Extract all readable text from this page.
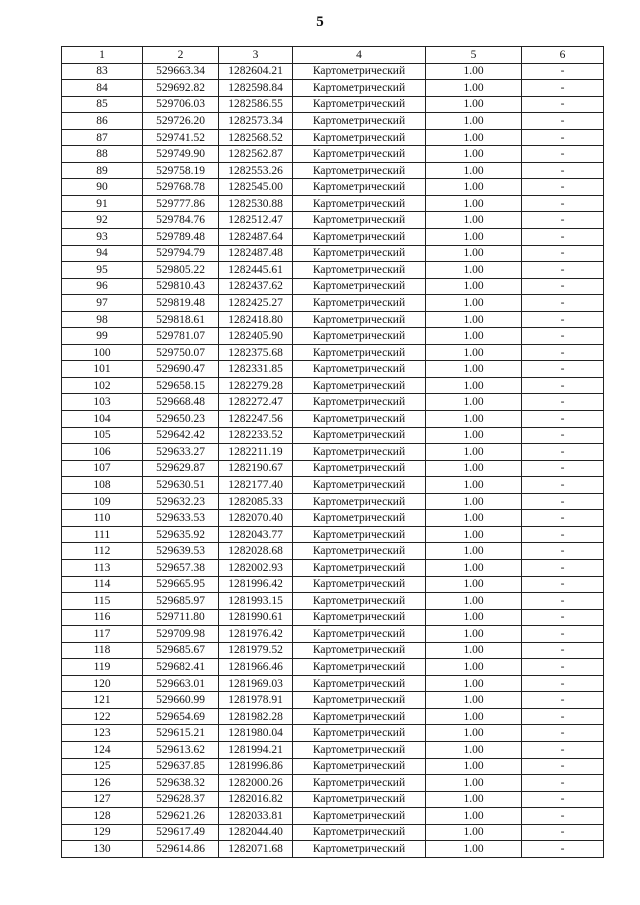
5
1	2	3	4	5	6
83	529663.34	1282604.21	Картометрический	1.00	-
84	529692.82	1282598.84	Картометрический	1.00	-
85	529706.03	1282586.55	Картометрический	1.00	-
86	529726.20	1282573.34	Картометрический	1.00	-
87	529741.52	1282568.52	Картометрический	1.00	-
88	529749.90	1282562.87	Картометрический	1.00	-
89	529758.19	1282553.26	Картометрический	1.00	-
90	529768.78	1282545.00	Картометрический	1.00	-
91	529777.86	1282530.88	Картометрический	1.00	-
92	529784.76	1282512.47	Картометрический	1.00	-
93	529789.48	1282487.64	Картометрический	1.00	-
94	529794.79	1282487.48	Картометрический	1.00	-
95	529805.22	1282445.61	Картометрический	1.00	-
96	529810.43	1282437.62	Картометрический	1.00	-
97	529819.48	1282425.27	Картометрический	1.00	-
98	529818.61	1282418.80	Картометрический	1.00	-
99	529781.07	1282405.90	Картометрический	1.00	-
100	529750.07	1282375.68	Картометрический	1.00	-
101	529690.47	1282331.85	Картометрический	1.00	-
102	529658.15	1282279.28	Картометрический	1.00	-
103	529668.48	1282272.47	Картометрический	1.00	-
104	529650.23	1282247.56	Картометрический	1.00	-
105	529642.42	1282233.52	Картометрический	1.00	-
106	529633.27	1282211.19	Картометрический	1.00	-
107	529629.87	1282190.67	Картометрический	1.00	-
108	529630.51	1282177.40	Картометрический	1.00	-
109	529632.23	1282085.33	Картометрический	1.00	-
110	529633.53	1282070.40	Картометрический	1.00	-
111	529635.92	1282043.77	Картометрический	1.00	-
112	529639.53	1282028.68	Картометрический	1.00	-
113	529657.38	1282002.93	Картометрический	1.00	-
114	529665.95	1281996.42	Картометрический	1.00	-
115	529685.97	1281993.15	Картометрический	1.00	-
116	529711.80	1281990.61	Картометрический	1.00	-
117	529709.98	1281976.42	Картометрический	1.00	-
118	529685.67	1281979.52	Картометрический	1.00	-
119	529682.41	1281966.46	Картометрический	1.00	-
120	529663.01	1281969.03	Картометрический	1.00	-
121	529660.99	1281978.91	Картометрический	1.00	-
122	529654.69	1281982.28	Картометрический	1.00	-
123	529615.21	1281980.04	Картометрический	1.00	-
124	529613.62	1281994.21	Картометрический	1.00	-
125	529637.85	1281996.86	Картометрический	1.00	-
126	529638.32	1282000.26	Картометрический	1.00	-
127	529628.37	1282016.82	Картометрический	1.00	-
128	529621.26	1282033.81	Картометрический	1.00	-
129	529617.49	1282044.40	Картометрический	1.00	-
130	529614.86	1282071.68	Картометрический	1.00	-
